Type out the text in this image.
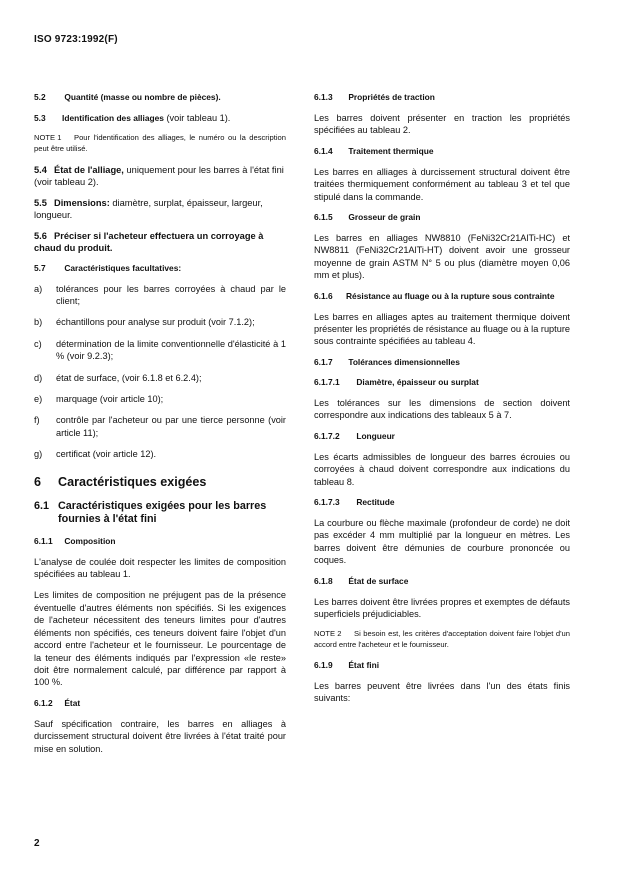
ISO 9723:1992(F)
5.2 Quantité (masse ou nombre de pièces).
5.3 Identification des alliages (voir tableau 1).
NOTE 1 Pour l'identification des alliages, le numéro ou la description peut être utilisé.
5.4 État de l'alliage, uniquement pour les barres à l'état fini (voir tableau 2).
5.5 Dimensions: diamètre, surplat, épaisseur, largeur, longueur.
5.6 Préciser si l'acheteur effectuera un corroyage à chaud du produit.
5.7 Caractéristiques facultatives:
a)	tolérances pour les barres corroyées à chaud par le client;
b)	échantillons pour analyse sur produit (voir 7.1.2);
c)	détermination de la limite conventionnelle d'élasticité à 1 % (voir 9.2.3);
d)	état de surface, (voir 6.1.8 et 6.2.4);
e)	marquage (voir article 10);
f)	contrôle par l'acheteur ou par une tierce personne (voir article 11);
g)	certificat (voir article 12).
6 Caractéristiques exigées
6.1 Caractéristiques exigées pour les barres fournies à l'état fini
6.1.1 Composition
L'analyse de coulée doit respecter les limites de composition spécifiées au tableau 1.
Les limites de composition ne préjugent pas de la présence éventuelle d'autres éléments non spécifiés. Si les exigences de l'acheteur nécessitent des teneurs limites pour d'autres éléments non spécifiés, ces teneurs doivent faire l'objet d'un accord entre l'acheteur et le fournisseur. Le pourcentage de la teneur des éléments indiqués par l'expression «le reste» doit être normalement calculé, par différence par rapport à 100 %.
6.1.2 État
Sauf spécification contraire, les barres en alliages à durcissement structural doivent être livrées à l'état traité pour mise en solution.
6.1.3 Propriétés de traction
Les barres doivent présenter en traction les propriétés spécifiées au tableau 2.
6.1.4 Traitement thermique
Les barres en alliages à durcissement structural doivent être traitées thermiquement conformément au tableau 3 et tel que stipulé dans la commande.
6.1.5 Grosseur de grain
Les barres en alliages NW8810 (FeNi32Cr21AlTi-HC) et NW8811 (FeNi32Cr21AlTi-HT) doivent avoir une grosseur moyenne de grain ASTM N° 5 ou plus (diamètre moyen 0,06 mm et plus).
6.1.6 Résistance au fluage ou à la rupture sous contrainte
Les barres en alliages aptes au traitement thermique doivent présenter les propriétés de résistance au fluage ou à la rupture sous contrainte spécifiées au tableau 4.
6.1.7 Tolérances dimensionnelles
6.1.7.1 Diamètre, épaisseur ou surplat
Les tolérances sur les dimensions de section doivent correspondre aux indications des tableaux 5 à 7.
6.1.7.2 Longueur
Les écarts admissibles de longueur des barres écrouies ou corroyées à chaud doivent correspondre aux indications du tableau 8.
6.1.7.3 Rectitude
La courbure ou flèche maximale (profondeur de corde) ne doit pas excéder 4 mm multiplié par la longueur en mètres. Les barres doivent être démunies de courbure prononcée ou coques.
6.1.8 État de surface
Les barres doivent être livrées propres et exemptes de défauts superficiels préjudiciables.
NOTE 2 Si besoin est, les critères d'acceptation doivent faire l'objet d'un accord entre l'acheteur et le fournisseur.
6.1.9 État fini
Les barres peuvent être livrées dans l'un des états finis suivants:
2
